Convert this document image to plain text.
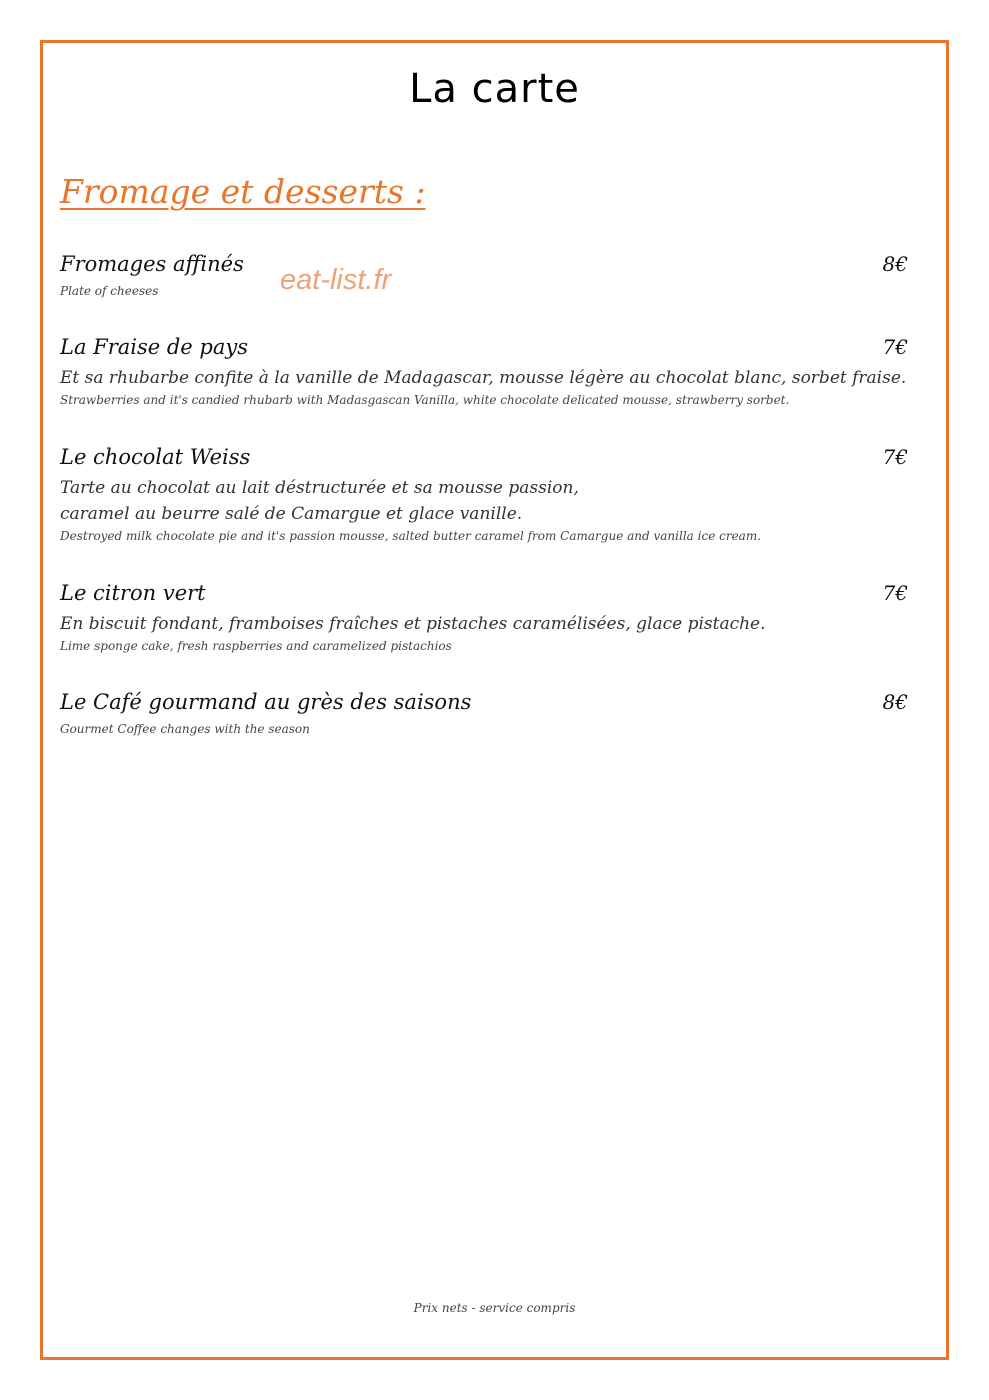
La carte
Fromage et desserts :
eat-list.fr
Fromages affinés	8€
Plate of cheeses
La Fraise de pays	7€
Et sa rhubarbe confite à la vanille de Madagascar, mousse légère au chocolat blanc, sorbet fraise.
Strawberries and it's candied rhubarb with Madasgascan Vanilla, white chocolate delicated mousse, strawberry sorbet.
Le chocolat Weiss	7€
Tarte au chocolat au lait déstructurée et sa mousse passion,
caramel au beurre salé de Camargue et glace vanille.
Destroyed milk chocolate pie and it's passion mousse, salted butter caramel from Camargue and vanilla ice cream.
Le citron vert	7€
En biscuit fondant, framboises fraîches et pistaches caramélisées, glace pistache.
Lime sponge cake, fresh raspberries and caramelized pistachios
Le Café gourmand au grès des saisons	8€
Gourmet Coffee changes with the season
Prix nets - service compris
